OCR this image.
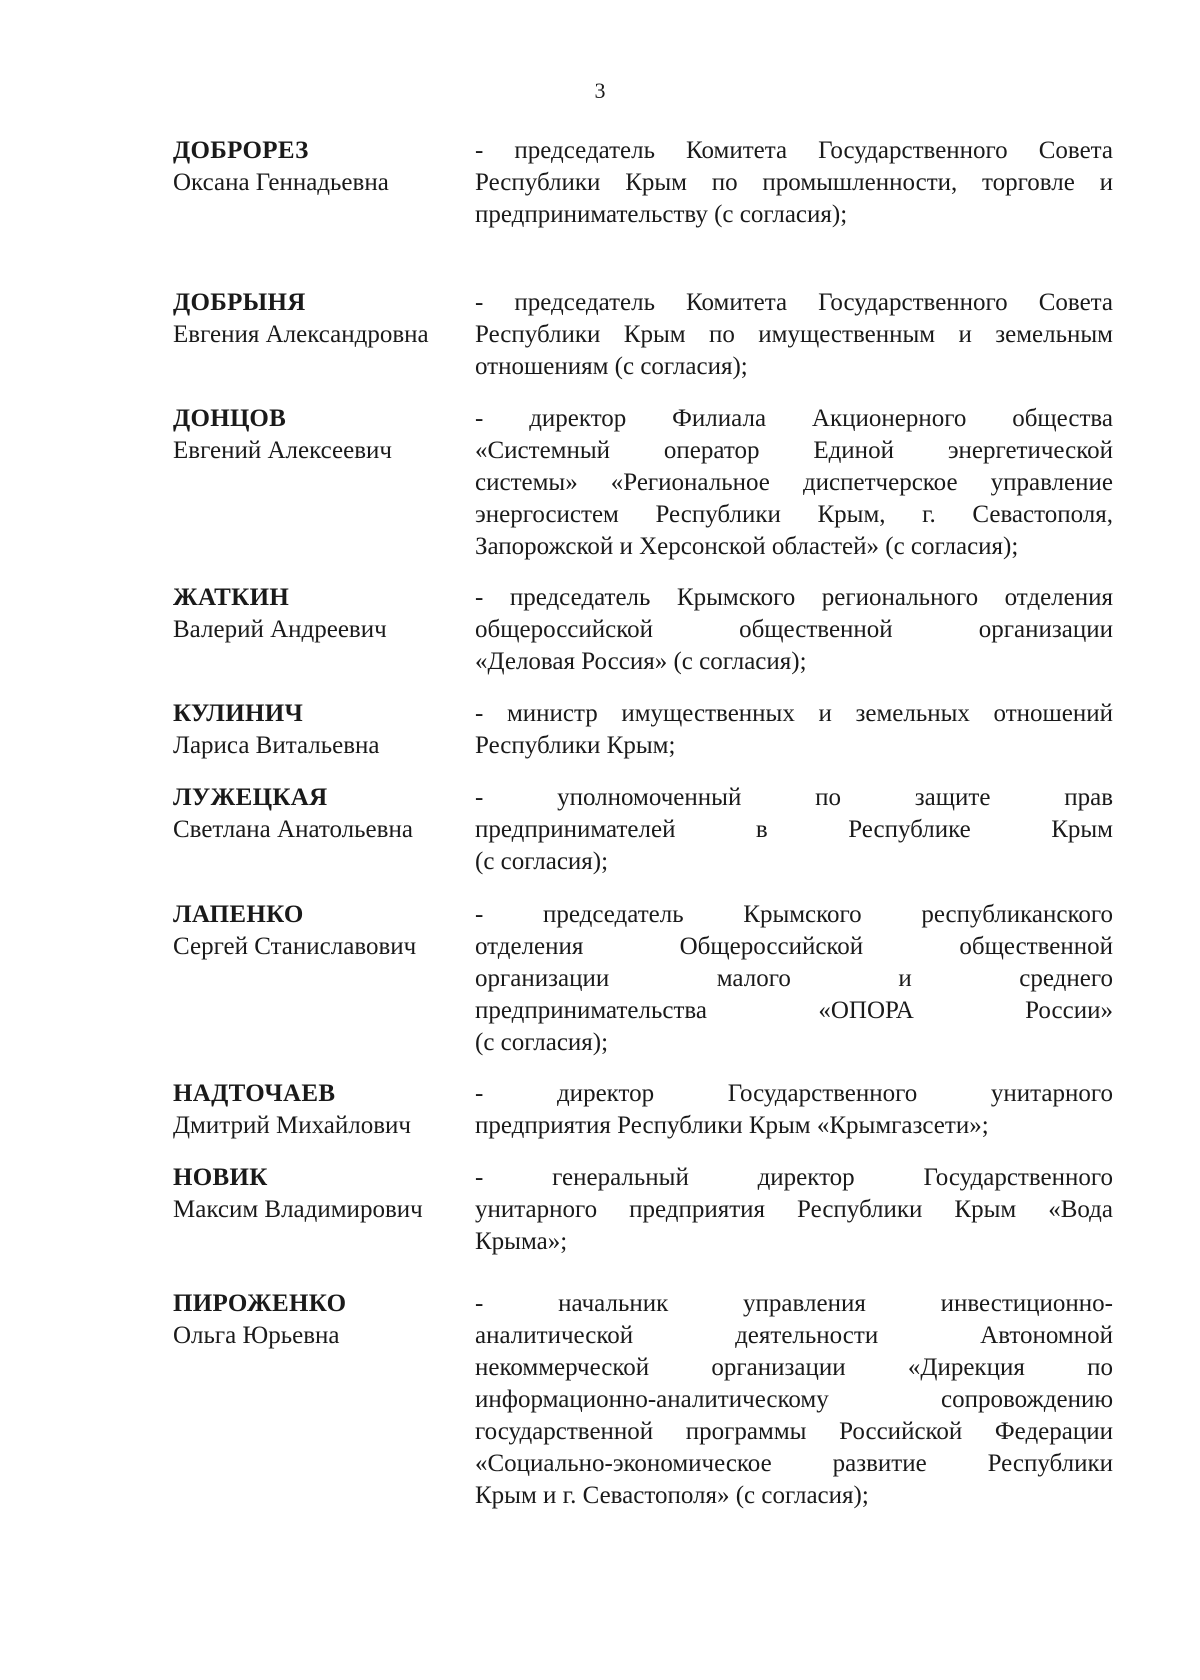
3
ДОБРОРЕЗ
Оксана Геннадьевна
- председатель Комитета Государственного Совета
Республики Крым по промышленности, торговле и
предпринимательству (с согласия);
ДОБРЫНЯ
Евгения Александровна
- председатель Комитета Государственного Совета
Республики Крым по имущественным и земельным
отношениям (с согласия);
ДОНЦОВ
Евгений Алексеевич
- директор Филиала Акционерного общества
«Системный оператор Единой энергетической
системы» «Региональное диспетчерское управление
энергосистем Республики Крым, г. Севастополя,
Запорожской и Херсонской областей» (с согласия);
ЖАТКИН
Валерий Андреевич
- председатель Крымского регионального отделения
общероссийской общественной организации
«Деловая Россия» (с согласия);
КУЛИНИЧ
Лариса Витальевна
- министр имущественных и земельных отношений
Республики Крым;
ЛУЖЕЦКАЯ
Светлана Анатольевна
- уполномоченный по защите прав
предпринимателей в Республике Крым
(с согласия);
ЛАПЕНКО
Сергей Станиславович
- председатель Крымского республиканского
отделения Общероссийской общественной
организации малого и среднего
предпринимательства «ОПОРА России»
(с согласия);
НАДТОЧАЕВ
Дмитрий Михайлович
- директор Государственного унитарного
предприятия Республики Крым «Крымгазсети»;
НОВИК
Максим Владимирович
- генеральный директор Государственного
унитарного предприятия Республики Крым «Вода
Крыма»;
ПИРОЖЕНКО
Ольга Юрьевна
- начальник управления инвестиционно-
аналитической деятельности Автономной
некоммерческой организации «Дирекция по
информационно-аналитическому сопровождению
государственной программы Российской Федерации
«Социально-экономическое развитие Республики
Крым и г. Севастополя» (с согласия);
